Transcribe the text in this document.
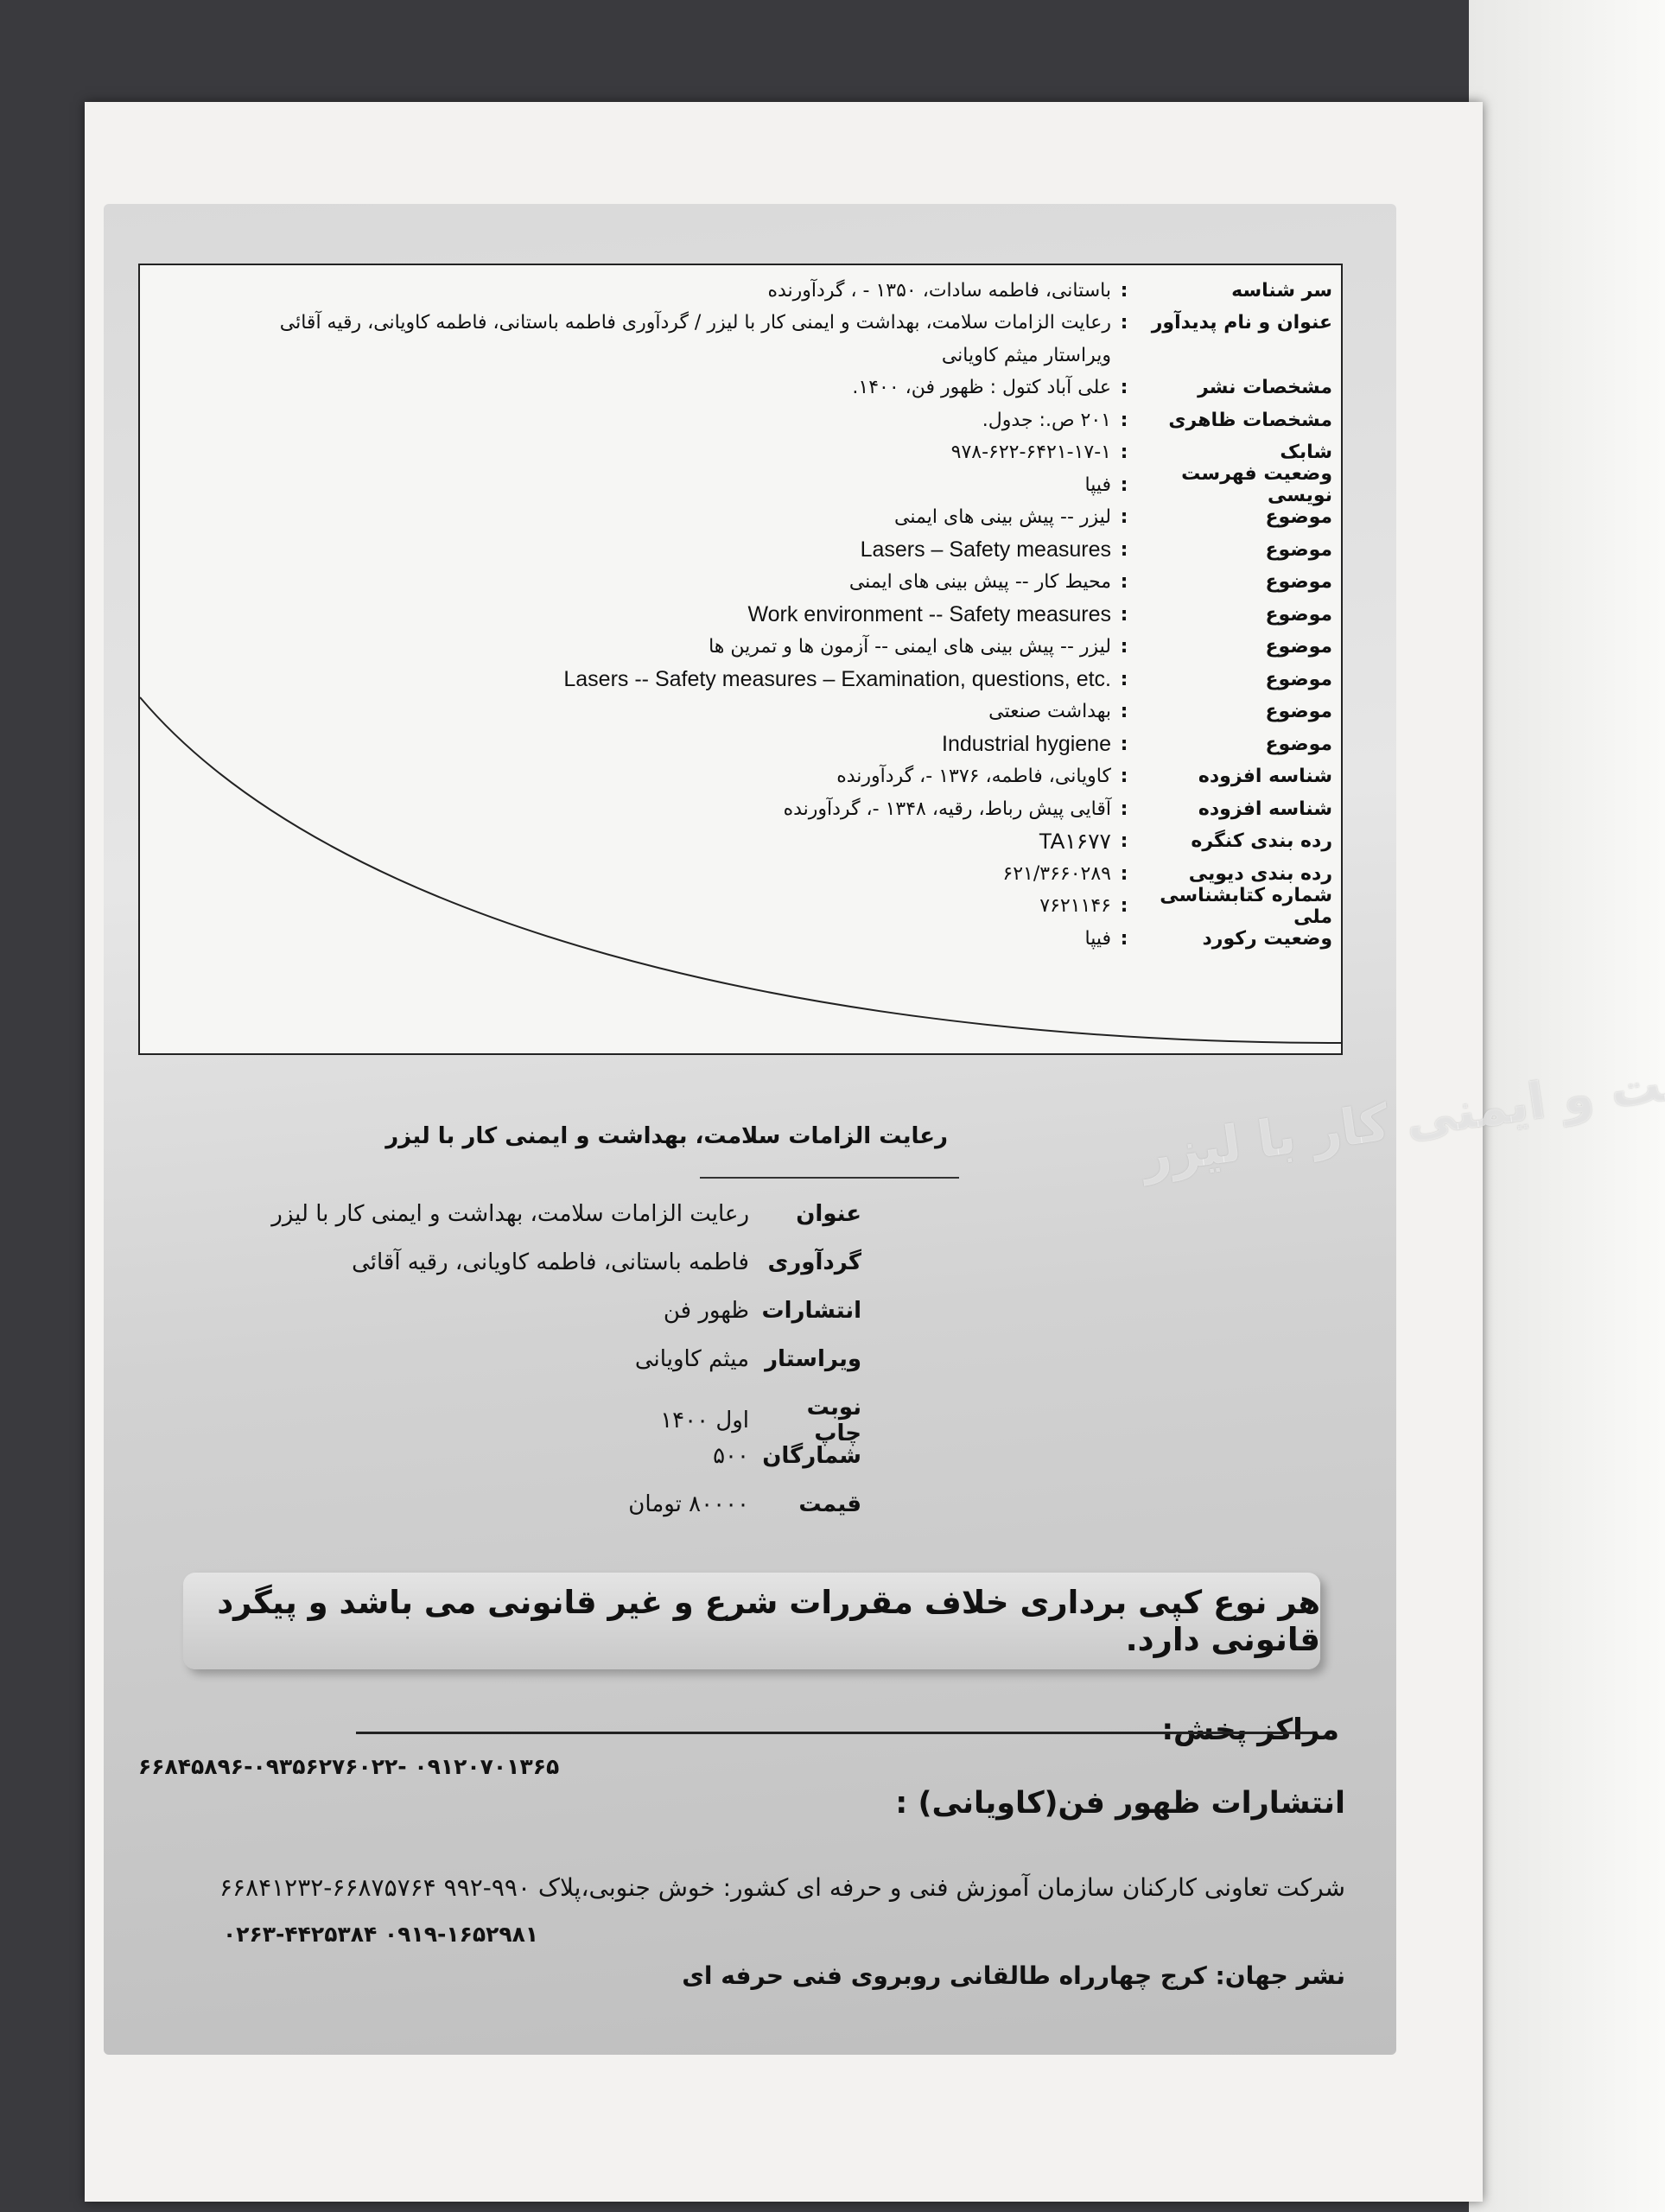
بهداشت و ایمنی کار با لیزر
سر شناسه
:
باستانی، فاطمه سادات، ۱۳۵۰ - ، گردآورنده
عنوان و نام پدیدآور
:
رعایت الزامات سلامت، بهداشت و ایمنی کار با لیزر / گردآوری فاطمه باستانی، فاطمه کاویانی، رقیه آقائی
ویراستار میثم کاویانی
مشخصات نشر
:
علی آباد کتول : ظهور فن، ۱۴۰۰.
مشخصات ظاهری
:
۲۰۱ ص.: جدول.
شابک
:
۹۷۸-۶۲۲-۶۴۲۱-۱۷-۱
وضعیت فهرست نویسی
:
فیپا
موضوع
:
لیزر -- پیش بینی های ایمنی
موضوع
:
Lasers – Safety measures
موضوع
:
محیط کار -- پیش بینی های ایمنی
موضوع
:
Work environment -- Safety measures
موضوع
:
لیزر -- پیش بینی های ایمنی -- آزمون ها و تمرین ها
موضوع
:
Lasers -- Safety measures – Examination, questions, etc.
موضوع
:
بهداشت صنعتی
موضوع
:
Industrial hygiene
شناسه افزوده
:
کاویانی، فاطمه، ۱۳۷۶ -، گردآورنده
شناسه افزوده
:
آقایی پیش رباط، رقیه، ۱۳۴۸ -، گردآورنده
رده بندی کنگره
:
TA۱۶۷۷
رده بندی دیویی
:
۶۲۱/۳۶۶۰۲۸۹
شماره کتابشناسی ملی
:
۷۶۲۱۱۴۶
وضعیت رکورد
:
فیپا
رعایت الزامات سلامت، بهداشت و ایمنی کار با لیزر
عنوان
رعایت الزامات سلامت، بهداشت و ایمنی کار با لیزر
گردآوری
فاطمه باستانی، فاطمه کاویانی، رقیه آقائی
انتشارات
ظهور فن
ویراستار
میثم کاویانی
نوبت چاپ
اول ۱۴۰۰
شمارگان
۵۰۰
قیمت
۸۰۰۰۰ تومان
هر نوع کپی برداری خلاف مقررات شرع و غیر قانونی می باشد و پیگرد قانونی دارد.
مراکز پخش:
۶۶۸۴۵۸۹۶-۰۹۳۵۶۲۷۶۰۲۲- ۰۹۱۲۰۷۰۱۳۶۵
انتشارات ظهور فن(کاویانی) :
شرکت تعاونی کارکنان سازمان آموزش فنی و حرفه ای کشور: خوش جنوبی،پلاک ۹۹۰-۹۹۲ ۶۶۸۷۵۷۶۴-۶۶۸۴۱۲۳۲
۰۲۶۳-۴۴۲۵۳۸۴ ۰۹۱۹-۱۶۵۲۹۸۱
نشر جهان: کرج چهارراه طالقانی روبروی فنی حرفه ای
